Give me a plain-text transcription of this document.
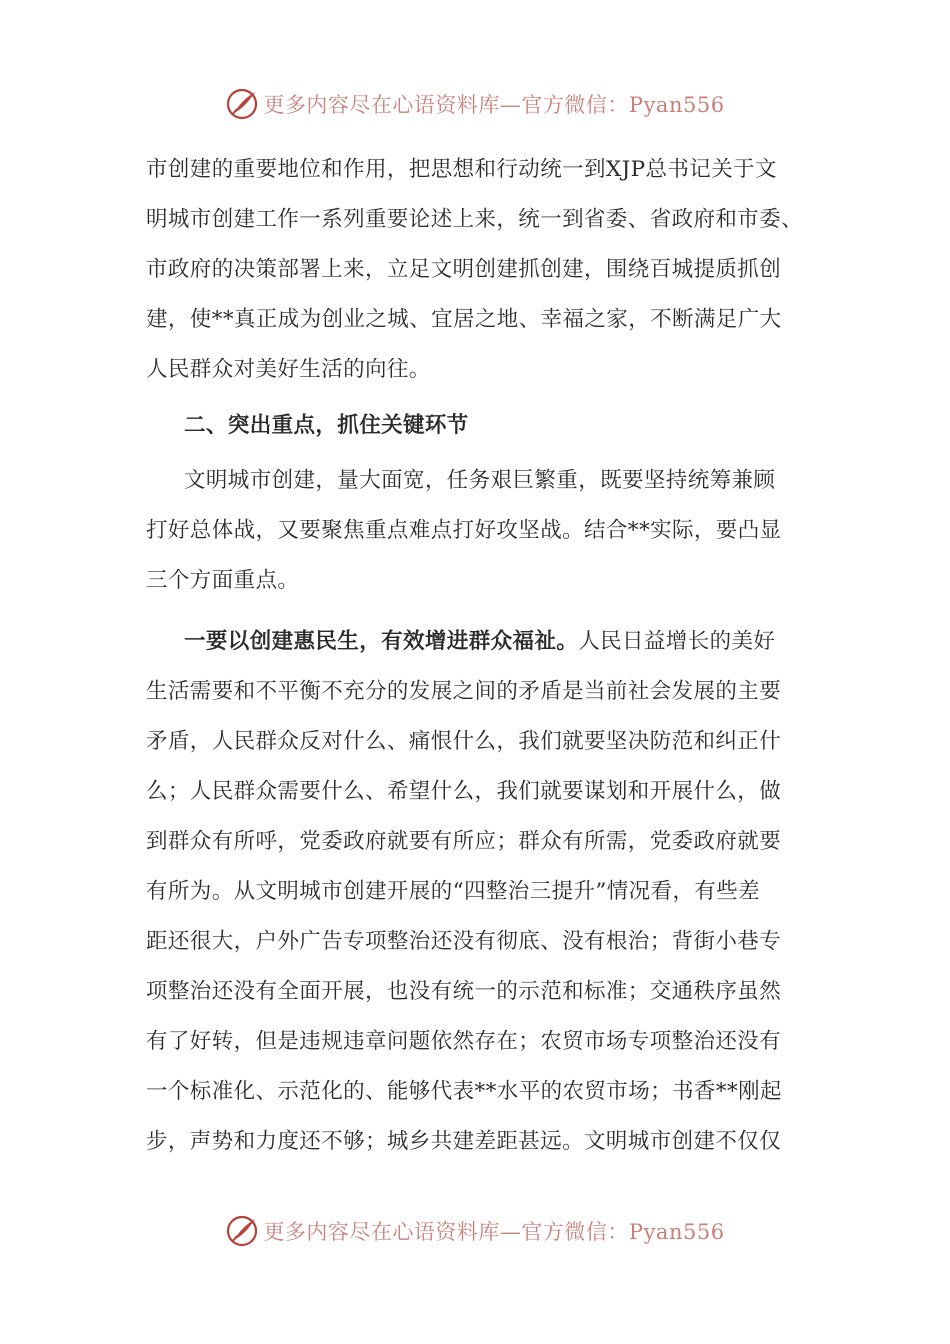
更多内容尽在心语资料库—官方微信：Pyan556
市创建的重要地位和作用，把思想和行动统一到XJP总书记关于文
明城市创建工作一系列重要论述上来，统一到省委、省政府和市委、
市政府的决策部署上来，立足文明创建抓创建，围绕百城提质抓创
建，使**真正成为创业之城、宜居之地、幸福之家，不断满足广大
人民群众对美好生活的向往。
二、突出重点，抓住关键环节
文明城市创建，量大面宽，任务艰巨繁重，既要坚持统筹兼顾
打好总体战，又要聚焦重点难点打好攻坚战。结合**实际，要凸显
三个方面重点。
一要以创建惠民生，有效增进群众福祉。人民日益增长的美好
生活需要和不平衡不充分的发展之间的矛盾是当前社会发展的主要
矛盾，人民群众反对什么、痛恨什么，我们就要坚决防范和纠正什
么；人民群众需要什么、希望什么，我们就要谋划和开展什么，做
到群众有所呼，党委政府就要有所应；群众有所需，党委政府就要
有所为。从文明城市创建开展的“四整治三提升”情况看，有些差
距还很大，户外广告专项整治还没有彻底、没有根治；背街小巷专
项整治还没有全面开展，也没有统一的示范和标准；交通秩序虽然
有了好转，但是违规违章问题依然存在；农贸市场专项整治还没有
一个标准化、示范化的、能够代表**水平的农贸市场；书香**刚起
步，声势和力度还不够；城乡共建差距甚远。文明城市创建不仅仅
更多内容尽在心语资料库—官方微信：Pyan556
